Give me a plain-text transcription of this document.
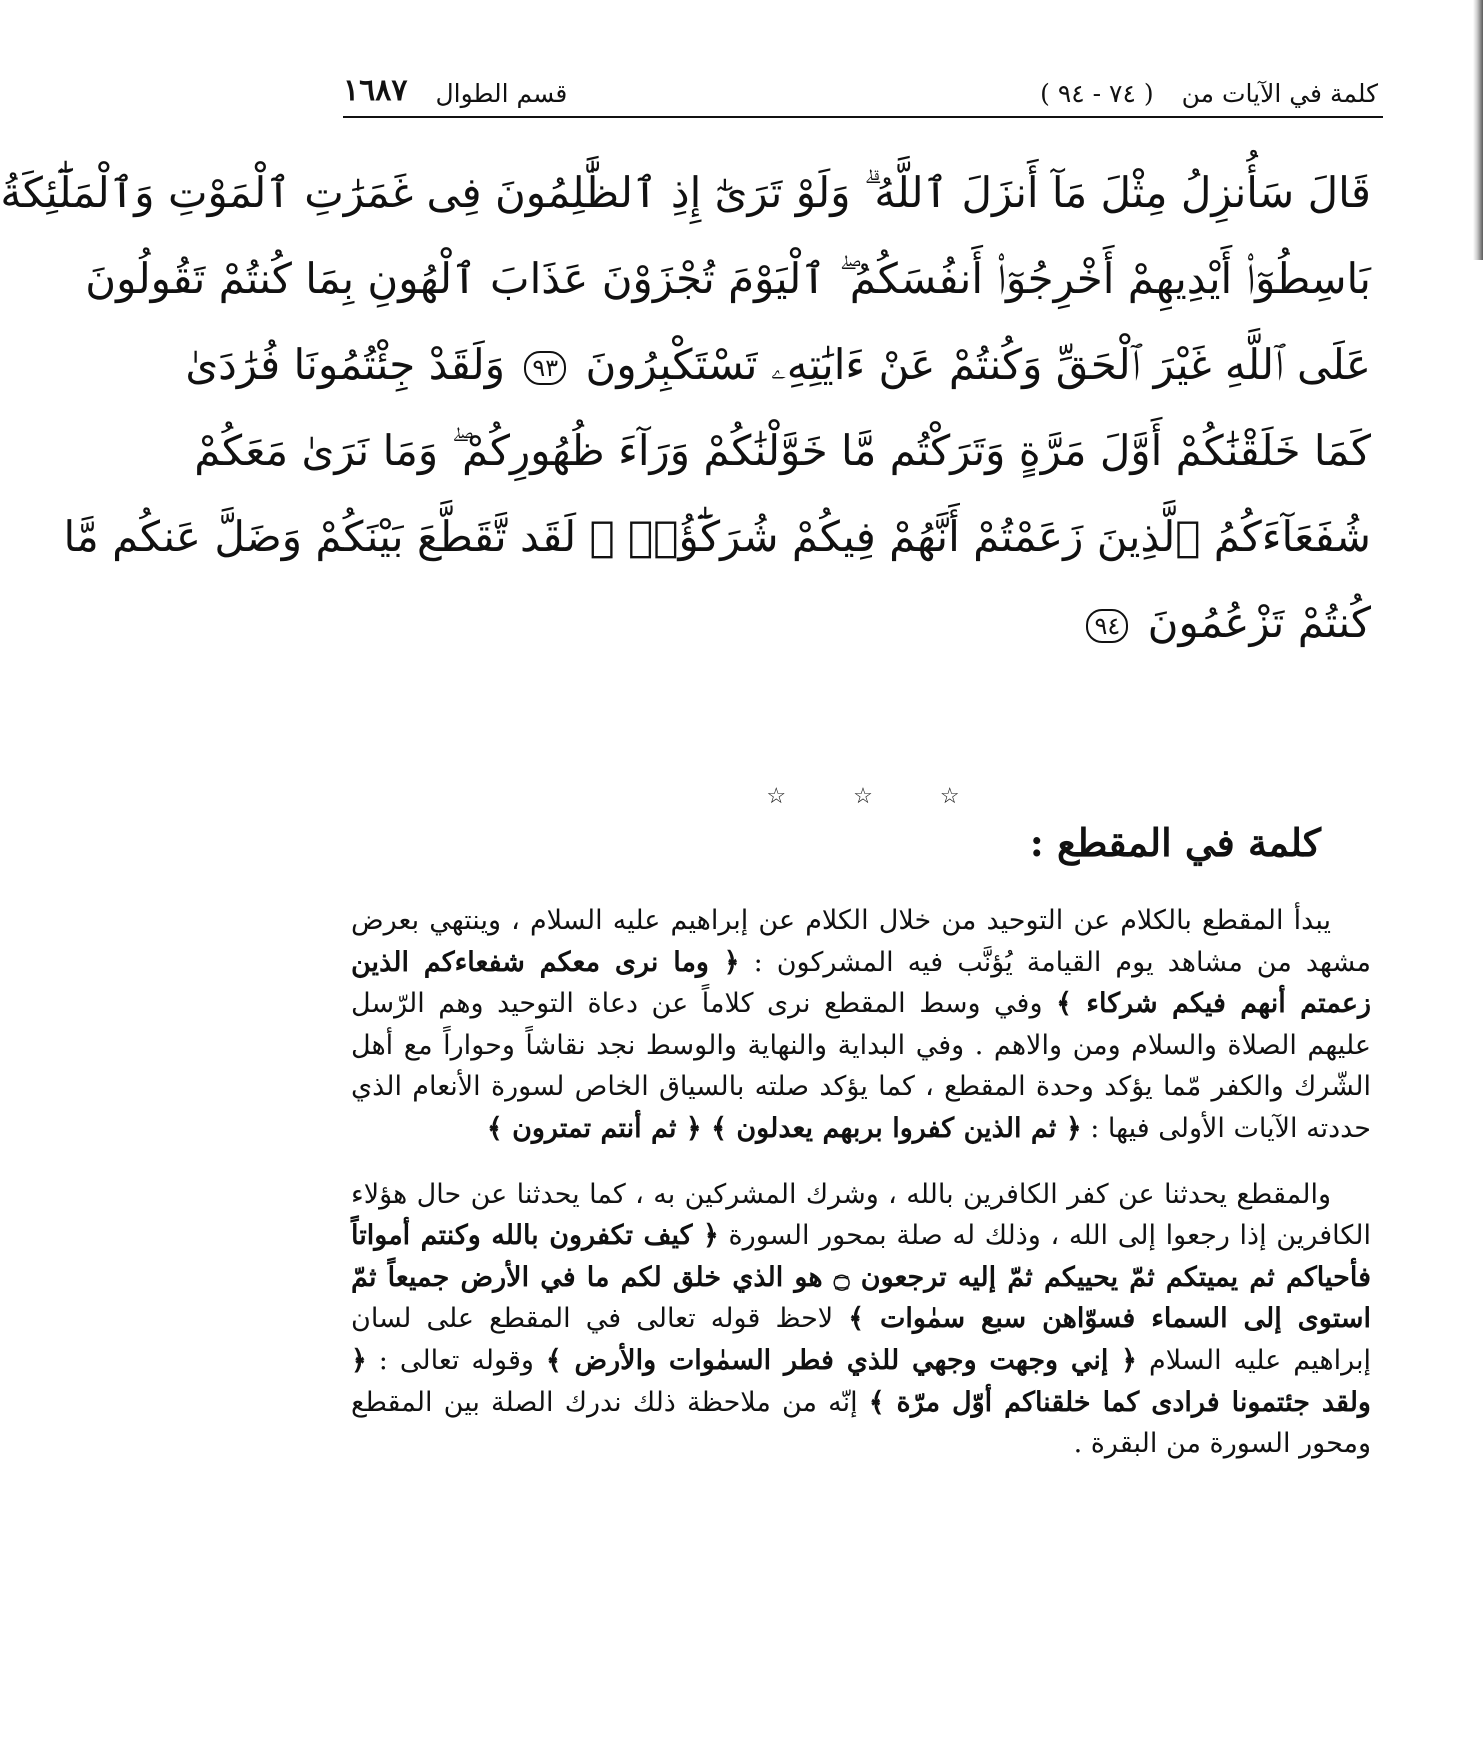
كلمة في الآيات من
( ٧٤ - ٩٤ )
قسم الطوال
١٦٨٧
قَالَ سَأُنزِلُ مِثْلَ مَآ أَنزَلَ ٱللَّهُ ۗ وَلَوْ تَرَىٰٓ إِذِ ٱلظَّٰلِمُونَ فِى غَمَرَٰتِ ٱلْمَوْتِ وَٱلْمَلَٰٓئِكَةُ
بَاسِطُوٓا۟ أَيْدِيهِمْ أَخْرِجُوٓا۟ أَنفُسَكُمُ ۖ ٱلْيَوْمَ تُجْزَوْنَ عَذَابَ ٱلْهُونِ بِمَا كُنتُمْ تَقُولُونَ
عَلَى ٱللَّهِ غَيْرَ ٱلْحَقِّ وَكُنتُمْ عَنْ ءَايَٰتِهِۦ تَسْتَكْبِرُونَ ٩٣ وَلَقَدْ جِئْتُمُونَا فُرَٰدَىٰ
كَمَا خَلَقْنَٰكُمْ أَوَّلَ مَرَّةٍ وَتَرَكْتُم مَّا خَوَّلْنَٰكُمْ وَرَآءَ ظُهُورِكُمْ ۖ وَمَا نَرَىٰ مَعَكُمْ
شُفَعَآءَكُمُ ٱلَّذِينَ زَعَمْتُمْ أَنَّهُمْ فِيكُمْ شُرَكَٰٓؤُا۟ ۚ لَقَد تَّقَطَّعَ بَيْنَكُمْ وَضَلَّ عَنكُم مَّا
كُنتُمْ تَزْعُمُونَ ٩٤
☆	☆	☆
كلمة في المقطع :

يبدأ المقطع بالكلام عن التوحيد من خلال الكلام عن إبراهيم عليه السلام ، وينتهي بعرض مشهد من مشاهد يوم القيامة يُؤنَّب فيه المشركون : ﴿ وما نرى معكم شفعاءكم الذين زعمتم أنهم فيكم شركاء ﴾ وفي وسط المقطع نرى كلاماً عن دعاة التوحيد وهم الرّسل عليهم الصلاة والسلام ومن والاهم . وفي البداية والنهاية والوسط نجد نقاشاً وحواراً مع أهل الشّرك والكفر مّما يؤكد وحدة المقطع ، كما يؤكد صلته بالسياق الخاص لسورة الأنعام الذي حددته الآيات الأولى فيها : ﴿ ثم الذين كفروا بربهم يعدلون ﴾ ﴿ ثم أنتم تمترون ﴾

والمقطع يحدثنا عن كفر الكافرين بالله ، وشرك المشركين به ، كما يحدثنا عن حال هؤلاء الكافرين إذا رجعوا إلى الله ، وذلك له صلة بمحور السورة ﴿ كيف تكفرون بالله وكنتم أمواتاً فأحياكم ثم يميتكم ثمّ يحييكم ثمّ إليه ترجعون ۝ هو الذي خلق لكم ما في الأرض جميعاً ثمّ استوى إلى السماء فسوّاهن سبع سمٰوات ﴾ لاحظ قوله تعالى في المقطع على لسان إبراهيم عليه السلام ﴿ إني وجهت وجهي للذي فطر السمٰوات والأرض ﴾ وقوله تعالى : ﴿ ولقد جئتمونا فرادى كما خلقناكم أوّل مرّة ﴾ إنّه من ملاحظة ذلك ندرك الصلة بين المقطع ومحور السورة من البقرة .
